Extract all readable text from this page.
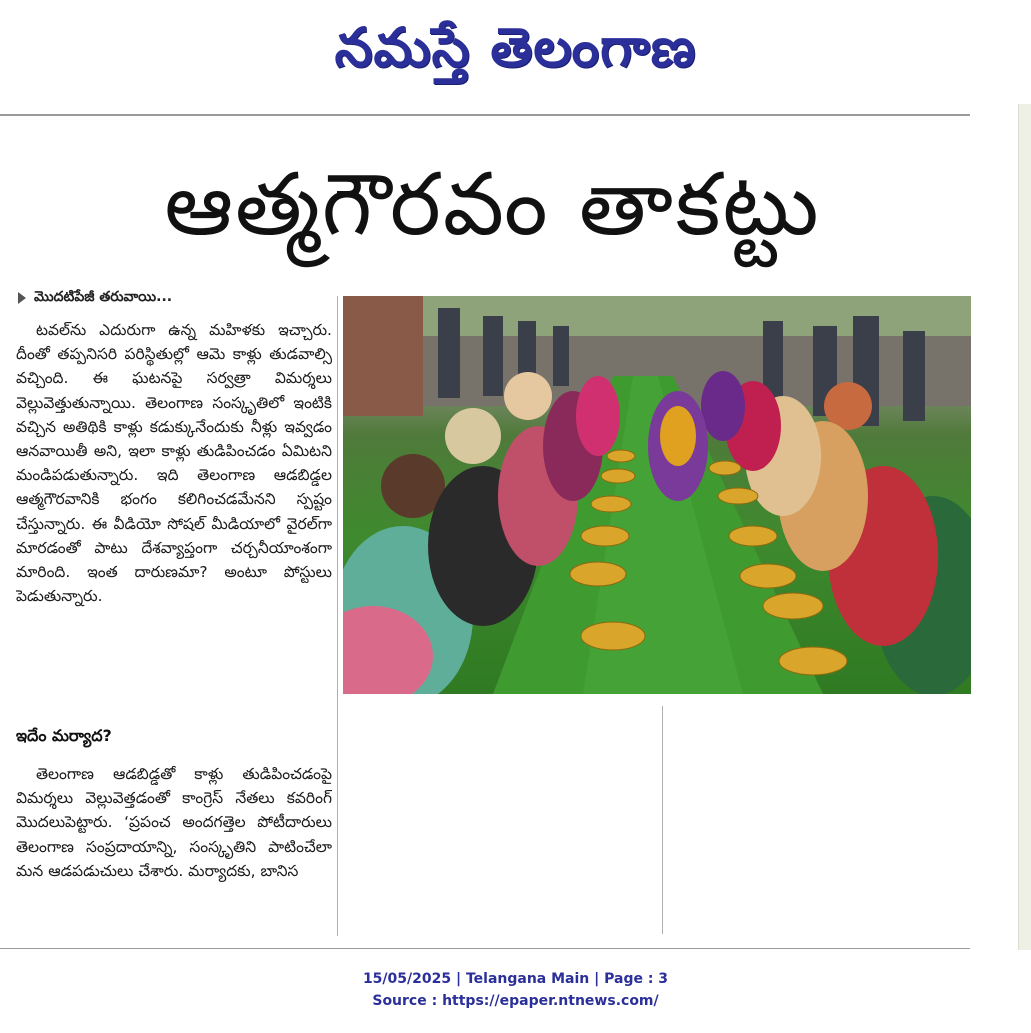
నమస్తే తెలంగాణ
ఆత్మగౌరవం తాకట్టు
మొదటిపేజీ తరువాయి...
టవల్‌ను ఎదురుగా ఉన్న మహిళకు ఇచ్చారు. దీంతో తప్పనిసరి పరిస్థితుల్లో ఆమె కాళ్లు తుడవాల్సి వచ్చింది. ఈ ఘటనపై సర్వత్రా విమర్శలు వెల్లువెత్తుతున్నాయి. తెలంగాణ సంస్కృతిలో ఇంటికి వచ్చిన అతిథికి కాళ్లు కడుక్కునేందుకు నీళ్లు ఇవ్వడం ఆనవాయితీ అని, ఇలా కాళ్లు తుడిపించడం ఏమిటని మండిపడుతున్నారు. ఇది తెలంగాణ ఆడబిడ్డల ఆత్మగౌరవానికి భంగం కలిగించడమేనని స్పష్టం చేస్తున్నారు. ఈ వీడియో సోషల్‌ మీడియాలో వైరల్‌గా మారడంతో పాటు దేశవ్యాప్తంగా చర్చనీయాంశంగా మారింది. ఇంత దారుణమా? అంటూ పోస్టులు పెడుతున్నారు.
ఇదేం మర్యాద?
తెలంగాణ ఆడబిడ్డతో కాళ్లు తుడిపించడంపై విమర్శలు వెల్లువెత్తడంతో కాంగ్రెస్‌ నేతలు కవరింగ్‌ మొదలుపెట్టారు. ‘ప్రపంచ అందగత్తెల పోటీదారులు తెలంగాణ సంప్రదాయాన్ని, సంస్కృతిని పాటించేలా మన ఆడపడుచులు చేశారు. మర్యాదకు, బానిస
15/05/2025 | Telangana Main | Page : 3
Source : https://epaper.ntnews.com/
